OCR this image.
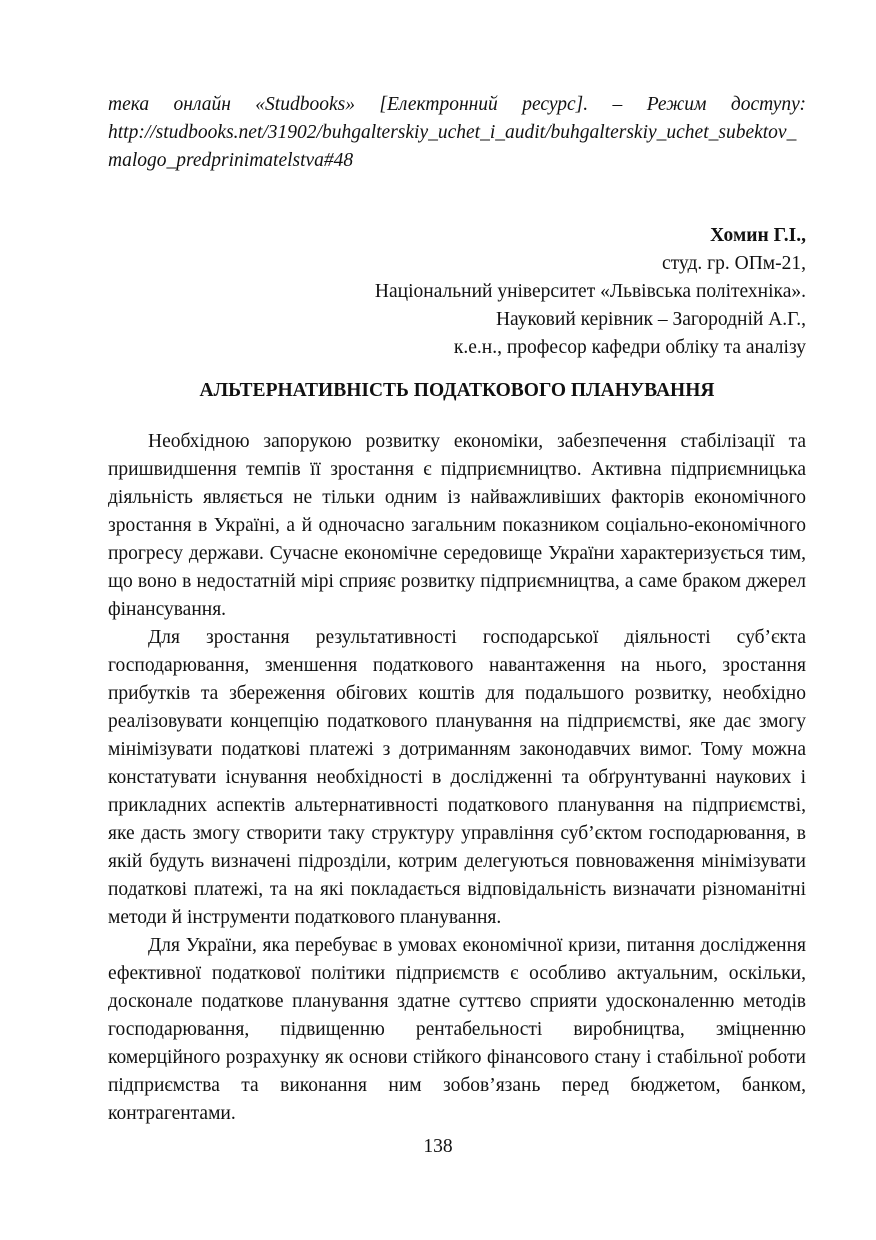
тека онлайн «Studbooks» [Електронний ресурс]. – Режим доступу:
http://studbooks.net/31902/buhgalterskiy_uchet_i_audit/buhgalterskiy_uchet_subektov_malogo_predprinimatelstva#48
Хомин Г.І.,
студ. гр. ОПм-21,
Національний університет «Львівська політехніка».
Науковий керівник – Загородній А.Г.,
к.е.н., професор кафедри обліку та аналізу
АЛЬТЕРНАТИВНІСТЬ ПОДАТКОВОГО ПЛАНУВАННЯ

Необхідною запорукою розвитку економіки, забезпечення стабілізації та пришвидшення темпів її зростання є підприємництво. Активна підприємницька діяльність являється не тільки одним із найважливіших факторів економічного зростання в Україні, а й одночасно загальним показником соціально-економічного прогресу держави. Сучасне економічне середовище України характеризується тим, що воно в недостатній мірі сприяє розвитку підприємництва, а саме браком джерел фінансування.

Для зростання результативності господарської діяльності суб’єкта господарювання, зменшення податкового навантаження на нього, зростання прибутків та збереження обігових коштів для подальшого розвитку, необхідно реалізовувати концепцію податкового планування на підприємстві, яке дає змогу мінімізувати податкові платежі з дотриманням законодавчих вимог. Тому можна констатувати існування необхідності в дослідженні та обґрунтуванні наукових і прикладних аспектів альтернативності податкового планування на підприємстві, яке дасть змогу створити таку структуру управління суб’єктом господарювання, в якій будуть визначені підрозділи, котрим делегуються повноваження мінімізувати податкові платежі, та на які покладається відповідальність визначати різноманітні методи й інструменти податкового планування.

Для України, яка перебуває в умовах економічної кризи, питання дослідження ефективної податкової політики підприємств є особливо актуальним, оскільки, досконале податкове планування здатне суттєво сприяти удосконаленню методів господарювання, підвищенню рентабельності виробництва, зміцненню комерційного розрахунку як основи стійкого фінансового стану і стабільної роботи підприємства та виконання ним зобов’язань перед бюджетом, банком, контрагентами.

138
